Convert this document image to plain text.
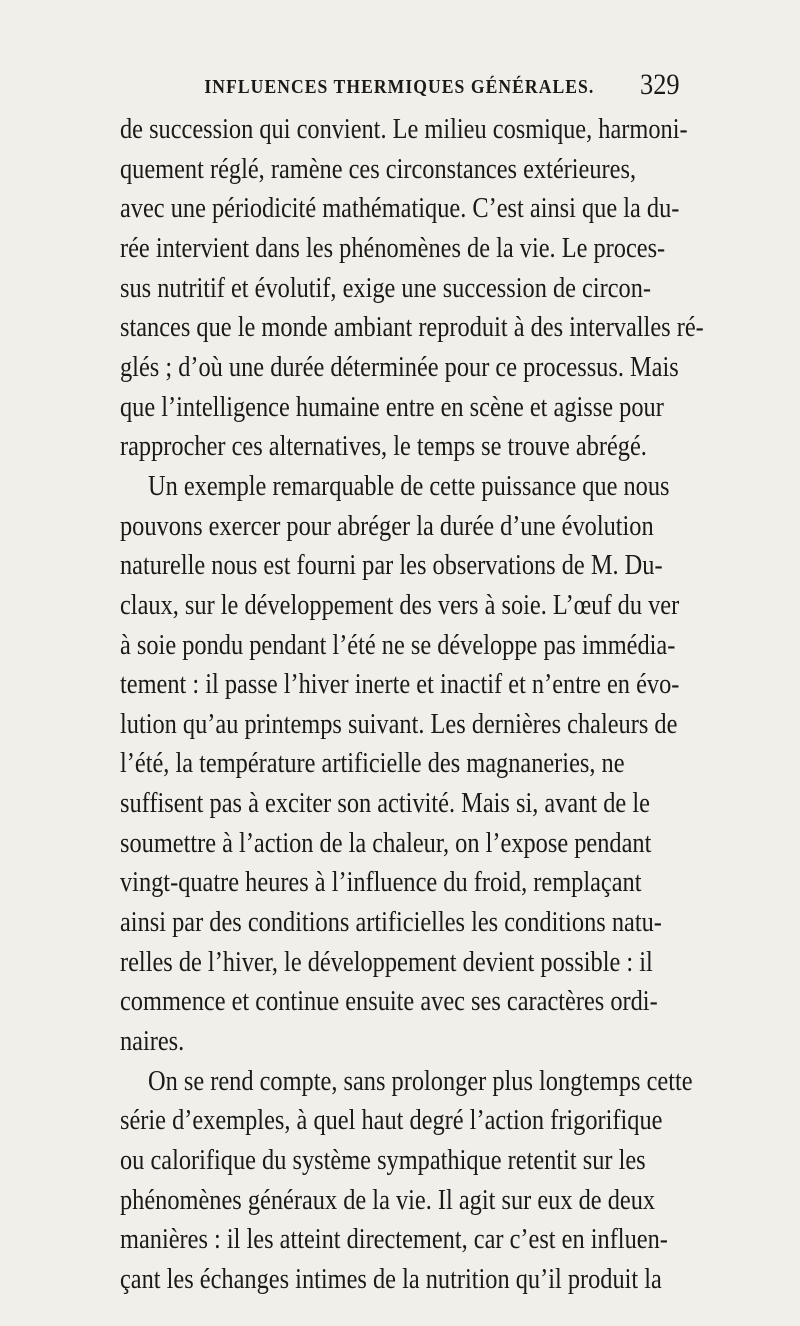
INFLUENCES THERMIQUES GÉNÉRALES. 329
de succession qui convient. Le milieu cosmique, harmoni-
quement réglé, ramène ces circonstances extérieures,
avec une périodicité mathématique. C’est ainsi que la du-
rée intervient dans les phénomènes de la vie. Le proces-
sus nutritif et évolutif, exige une succession de circon-
stances que le monde ambiant reproduit à des intervalles ré-
glés ; d’où une durée déterminée pour ce processus. Mais
que l’intelligence humaine entre en scène et agisse pour
rapprocher ces alternatives, le temps se trouve abrégé.
Un exemple remarquable de cette puissance que nous
pouvons exercer pour abréger la durée d’une évolution
naturelle nous est fourni par les observations de M. Du-
claux, sur le développement des vers à soie. L’œuf du ver
à soie pondu pendant l’été ne se développe pas immédia-
tement : il passe l’hiver inerte et inactif et n’entre en évo-
lution qu’au printemps suivant. Les dernières chaleurs de
l’été, la température artificielle des magnaneries, ne
suffisent pas à exciter son activité. Mais si, avant de le
soumettre à l’action de la chaleur, on l’expose pendant
vingt-quatre heures à l’influence du froid, remplaçant
ainsi par des conditions artificielles les conditions natu-
relles de l’hiver, le développement devient possible : il
commence et continue ensuite avec ses caractères ordi-
naires.
On se rend compte, sans prolonger plus longtemps cette
série d’exemples, à quel haut degré l’action frigorifique
ou calorifique du système sympathique retentit sur les
phénomènes généraux de la vie. Il agit sur eux de deux
manières : il les atteint directement, car c’est en influen-
çant les échanges intimes de la nutrition qu’il produit la
